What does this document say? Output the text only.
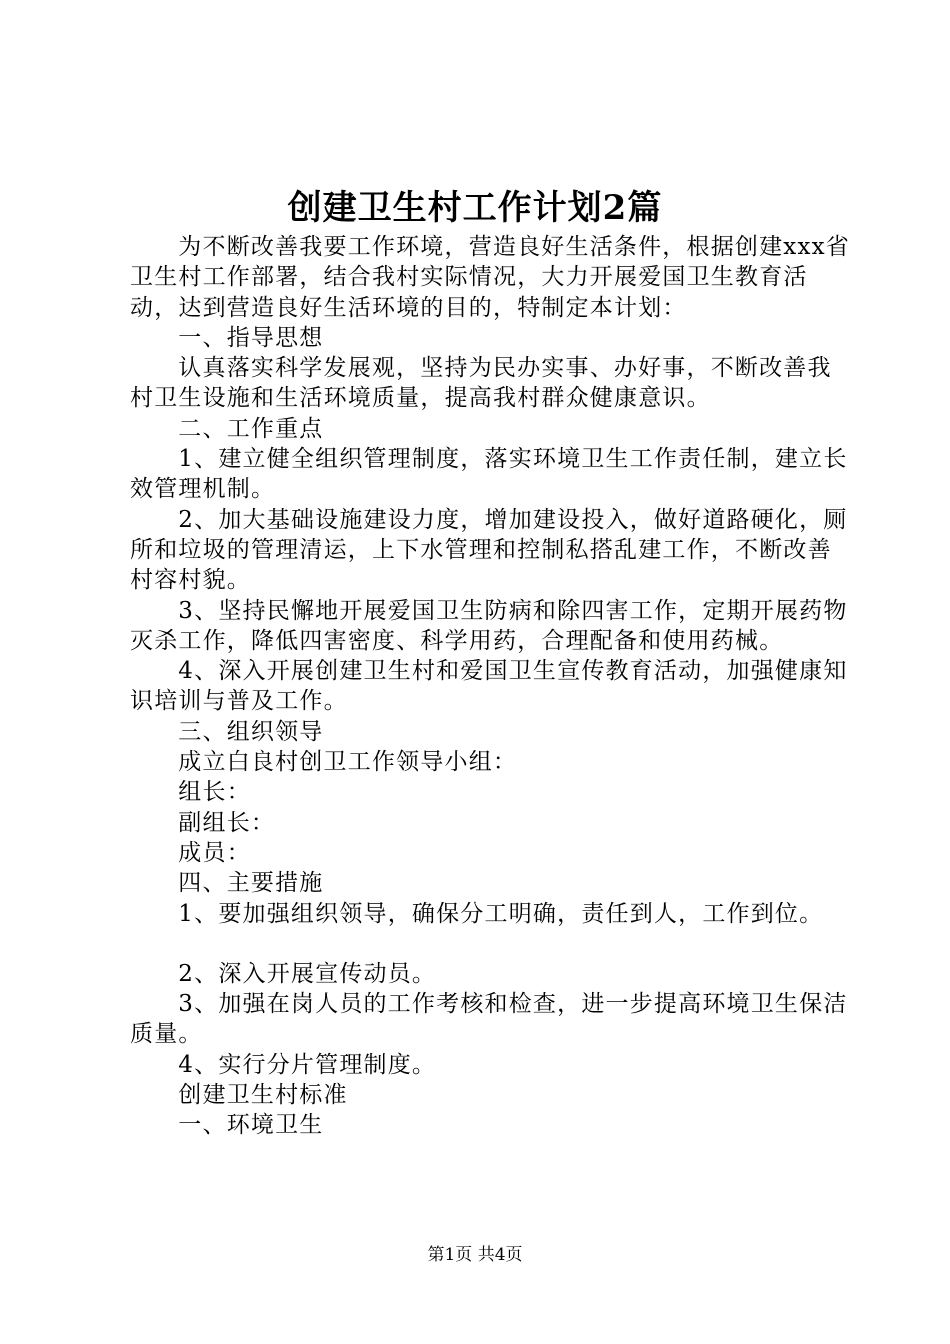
创建卫生村工作计划2篇

为不断改善我要工作环境，营造良好生活条件，根据创建xxx省卫生村工作部署，结合我村实际情况，大力开展爱国卫生教育活动，达到营造良好生活环境的目的，特制定本计划：

一、指导思想

认真落实科学发展观，坚持为民办实事、办好事，不断改善我村卫生设施和生活环境质量，提高我村群众健康意识。

二、工作重点

1、建立健全组织管理制度，落实环境卫生工作责任制，建立长效管理机制。

2、加大基础设施建设力度，增加建设投入，做好道路硬化，厕所和垃圾的管理清运，上下水管理和控制私搭乱建工作，不断改善村容村貌。

3、坚持民懈地开展爱国卫生防病和除四害工作，定期开展药物灭杀工作，降低四害密度、科学用药，合理配备和使用药械。

4、深入开展创建卫生村和爱国卫生宣传教育活动，加强健康知识培训与普及工作。

三、组织领导

成立白良村创卫工作领导小组：

组长：

副组长：

成员：

四、主要措施

1、要加强组织领导，确保分工明确，责任到人，工作到位。

2、深入开展宣传动员。

3、加强在岗人员的工作考核和检查，进一步提高环境卫生保洁质量。

4、实行分片管理制度。

创建卫生村标准

一、环境卫生

第1页 共4页
